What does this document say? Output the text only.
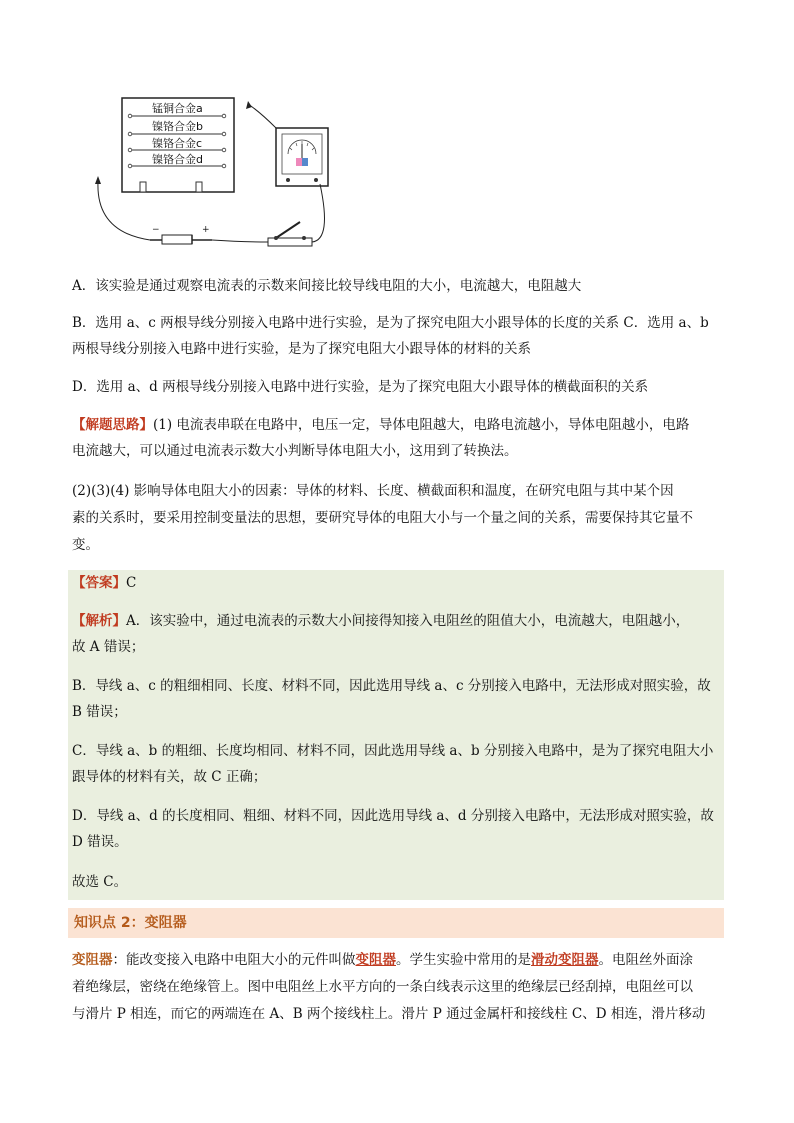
锰铜合金a
镍铬合金b
镍铬合金c
镍铬合金d
−	+

A．该实验是通过观察电流表的示数来间接比较导线电阻的大小，电流越大，电阻越大

B．选用 a、c 两根导线分别接入电路中进行实验，是为了探究电阻大小跟导体的长度的关系 C．选用 a、b

两根导线分别接入电路中进行实验，是为了探究电阻大小跟导体的材料的关系

D．选用 a、d 两根导线分别接入电路中进行实验，是为了探究电阻大小跟导体的横截面积的关系

【解题思路】(1) 电流表串联在电路中，电压一定，导体电阻越大，电路电流越小，导体电阻越小，电路

电流越大，可以通过电流表示数大小判断导体电阻大小，这用到了转换法。

(2)(3)(4) 影响导体电阻大小的因素：导体的材料、长度、横截面积和温度，在研究电阻与其中某个因

素的关系时，要采用控制变量法的思想，要研究导体的电阻大小与一个量之间的关系，需要保持其它量不

变。

【答案】C

【解析】A．该实验中，通过电流表的示数大小间接得知接入电阻丝的阻值大小，电流越大，电阻越小，

故 A 错误；

B．导线 a、c 的粗细相同、长度、材料不同，因此选用导线 a、c 分别接入电路中，无法形成对照实验，故

B 错误；

C．导线 a、b 的粗细、长度均相同、材料不同，因此选用导线 a、b 分别接入电路中，是为了探究电阻大小

跟导体的材料有关，故 C 正确；

D．导线 a、d 的长度相同、粗细、材料不同，因此选用导线 a、d 分别接入电路中，无法形成对照实验，故

D 错误。

故选 C。

知识点 2：变阻器

变阻器：能改变接入电路中电阻大小的元件叫做变阻器。学生实验中常用的是滑动变阻器。电阻丝外面涂

着绝缘层，密绕在绝缘管上。图中电阻丝上水平方向的一条白线表示这里的绝缘层已经刮掉，电阻丝可以

与滑片 P 相连，而它的两端连在 A、B 两个接线柱上。滑片 P 通过金属杆和接线柱 C、D 相连，滑片移动
